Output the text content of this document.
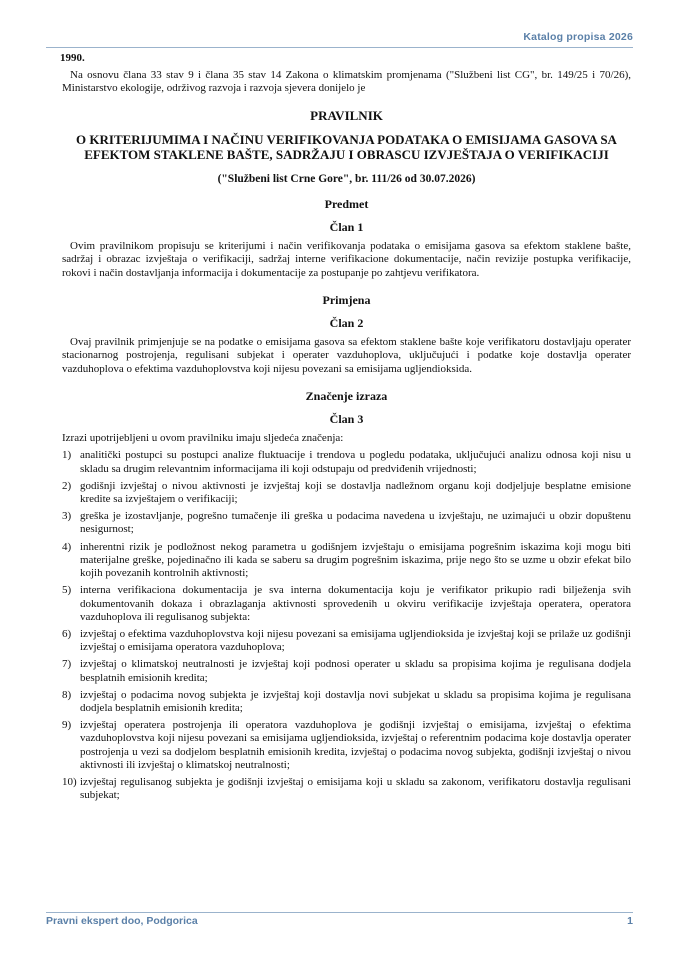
Katalog propisa 2026
1990.

Na osnovu člana 33 stav 9 i člana 35 stav 14 Zakona o klimatskim promjenama ("Službeni list CG", br. 149/25 i 70/26), Ministarstvo ekologije, održivog razvoja i razvoja sjevera donijelo je

PRAVILNIK
O KRITERIJUMIMA I NAČINU VERIFIKOVANJA PODATAKA O EMISIJAMA GASOVA SA EFEKTOM STAKLENE BAŠTE, SADRŽAJU I OBRASCU IZVJEŠTAJA O VERIFIKACIJI
("Službeni list Crne Gore", br. 111/26 od 30.07.2026)
Predmet
Član 1

Ovim pravilnikom propisuju se kriterijumi i način verifikovanja podataka o emisijama gasova sa efektom staklene bašte, sadržaj i obrazac izvještaja o verifikaciji, sadržaj interne verifikacione dokumentacije, način revizije postupka verifikacije, rokovi i način dostavljanja informacija i dokumentacije za postupanje po zahtjevu verifikatora.

Primjena
Član 2

Ovaj pravilnik primjenjuje se na podatke o emisijama gasova sa efektom staklene bašte koje verifikatoru dostavljaju operater stacionarnog postrojenja, regulisani subjekat i operater vazduhoplova, uključujući i podatke koje dostavlja operater vazduhoplova o efektima vazduhoplovstva koji nijesu povezani sa emisijama ugljendioksida.

Značenje izraza
Član 3

Izrazi upotrijebljeni u ovom pravilniku imaju sljedeća značenja:

1) analitički postupci su postupci analize fluktuacije i trendova u pogledu podataka, uključujući analizu odnosa koji nisu u skladu sa drugim relevantnim informacijama ili koji odstupaju od predviđenih vrijednosti;
2) godišnji izvještaj o nivou aktivnosti je izvještaj koji se dostavlja nadležnom organu koji dodjeljuje besplatne emisione kredite sa izvještajem o verifikaciji;
3) greška je izostavljanje, pogrešno tumačenje ili greška u podacima navedena u izvještaju, ne uzimajući u obzir dopuštenu nesigurnost;
4) inherentni rizik je podložnost nekog parametra u godišnjem izvještaju o emisijama pogrešnim iskazima koji mogu biti materijalne greške, pojedinačno ili kada se saberu sa drugim pogrešnim iskazima, prije nego što se uzme u obzir efekat bilo kojih povezanih kontrolnih aktivnosti;
5) interna verifikaciona dokumentacija je sva interna dokumentacija koju je verifikator prikupio radi bilježenja svih dokumentovanih dokaza i obrazlaganja aktivnosti sprovedenih u okviru verifikacije izvještaja operatera, operatora vazduhoplova ili regulisanog subjekta:
6) izvještaj o efektima vazduhoplovstva koji nijesu povezani sa emisijama ugljendioksida je izvještaj koji se prilaže uz godišnji izvještaj o emisijama operatora vazduhoplova;
7) izvještaj o klimatskoj neutralnosti je izvještaj koji podnosi operater u skladu sa propisima kojima je regulisana dodjela besplatnih emisionih kredita;
8) izvještaj o podacima novog subjekta je izvještaj koji dostavlja novi subjekat u skladu sa propisima kojima je regulisana dodjela besplatnih emisionih kredita;
9) izvještaj operatera postrojenja ili operatora vazduhoplova je godišnji izvještaj o emisijama, izvještaj o efektima vazduhoplovstva koji nijesu povezani sa emisijama ugljendioksida, izvještaj o referentnim podacima koje dostavlja operater postrojenja u vezi sa dodjelom besplatnih emisionih kredita, izvještaj o podacima novog subjekta, godišnji izvještaj o nivou aktivnosti ili izvještaj o klimatskoj neutralnosti;
10) izvještaj regulisanog subjekta je godišnji izvještaj o emisijama koji u skladu sa zakonom, verifikatoru dostavlja regulisani subjekat;
Pravni ekspert doo, Podgorica	1
